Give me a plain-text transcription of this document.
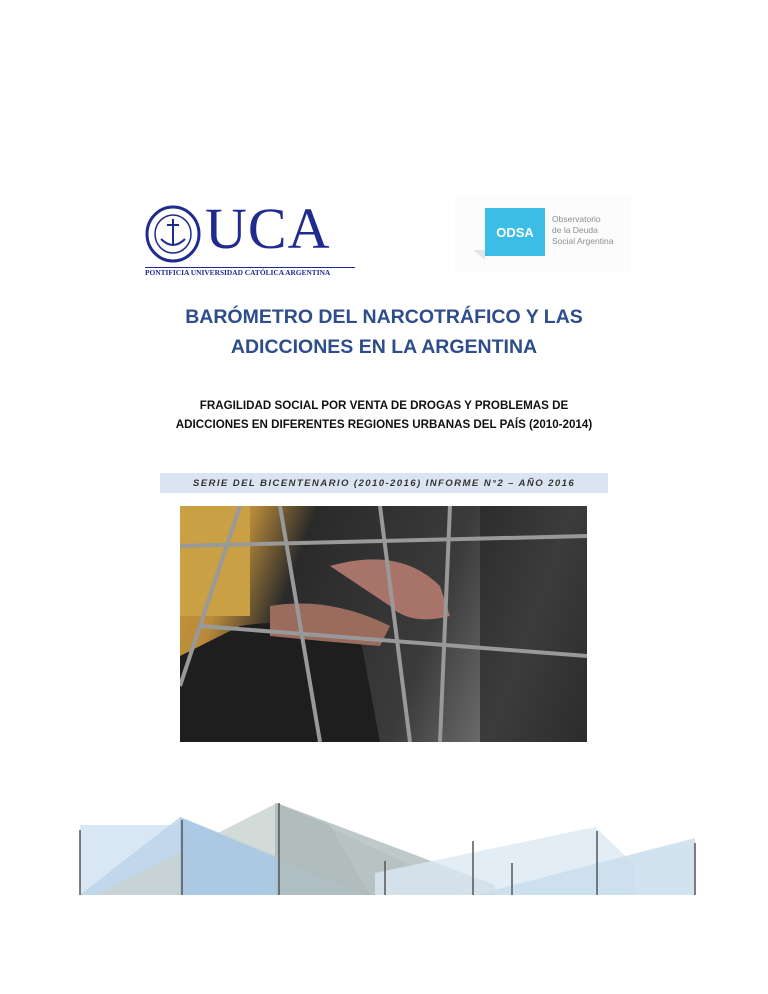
UCA
PONTIFICIA UNIVERSIDAD CATÓLICA ARGENTINA
ODSA
Observatorio
de la Deuda
Social Argentina
BARÓMETRO DEL NARCOTRÁFICO Y LAS
ADICCIONES EN LA ARGENTINA
FRAGILIDAD SOCIAL POR VENTA DE DROGAS Y PROBLEMAS DE
ADICCIONES EN DIFERENTES REGIONES URBANAS DEL PAÍS (2010-2014)
SERIE DEL BICENTENARIO (2010-2016) INFORME N°2 – AÑO 2016
